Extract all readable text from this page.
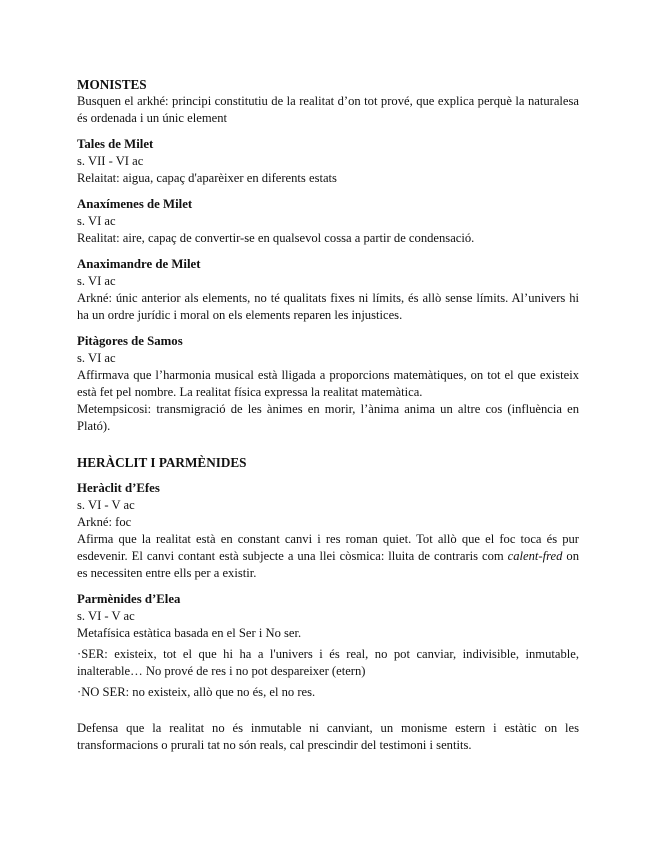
MONISTES

Busquen el arkhé: principi constitutiu de la realitat d’on tot prové, que explica perquè la naturalesa és ordenada i un únic element

Tales de Milet

s. VII - VI ac

Relaitat: aigua, capaç d'aparèixer en diferents estats

Anaxímenes de Milet

s. VI ac

Realitat: aire, capaç de convertir-se en qualsevol cossa a partir de condensació.

Anaximandre de Milet

s. VI ac

Arkné: únic anterior als elements, no té qualitats fixes ni límits, és allò sense límits. Al’univers hi ha un ordre jurídic i moral on els elements reparen les injustices.

Pitàgores de Samos

s. VI ac

Affirmava que l’harmonia musical està lligada a proporcions matemàtiques, on tot el que existeix està fet pel nombre. La realitat física expressa la realitat matemàtica.

Metempsicosi: transmigració de les ànimes en morir, l’ànima anima un altre cos (influència en Plató).

HERÀCLIT I PARMÈNIDES

Heràclit d’Efes

s. VI - V ac

Arkné: foc

Afirma que la realitat està en constant canvi i res roman quiet. Tot allò que el foc toca és pur esdevenir. El canvi contant està subjecte a una llei còsmica: lluita de contraris com calent-fred on es necessiten entre ells per a existir.

Parmènides d’Elea

s. VI - V ac

Metafísica estàtica basada en el Ser i No ser.

·SER: existeix, tot el que hi ha a l'univers i és real, no pot canviar, indivisible, inmutable, inalterable… No prové de res i no pot despareixer (etern)

·NO SER: no existeix, allò que no és, el no res.

Defensa que la realitat no és inmutable ni canviant, un monisme estern i estàtic on les transformacions o prurali tat no són reals, cal prescindir del testimoni i sentits.
